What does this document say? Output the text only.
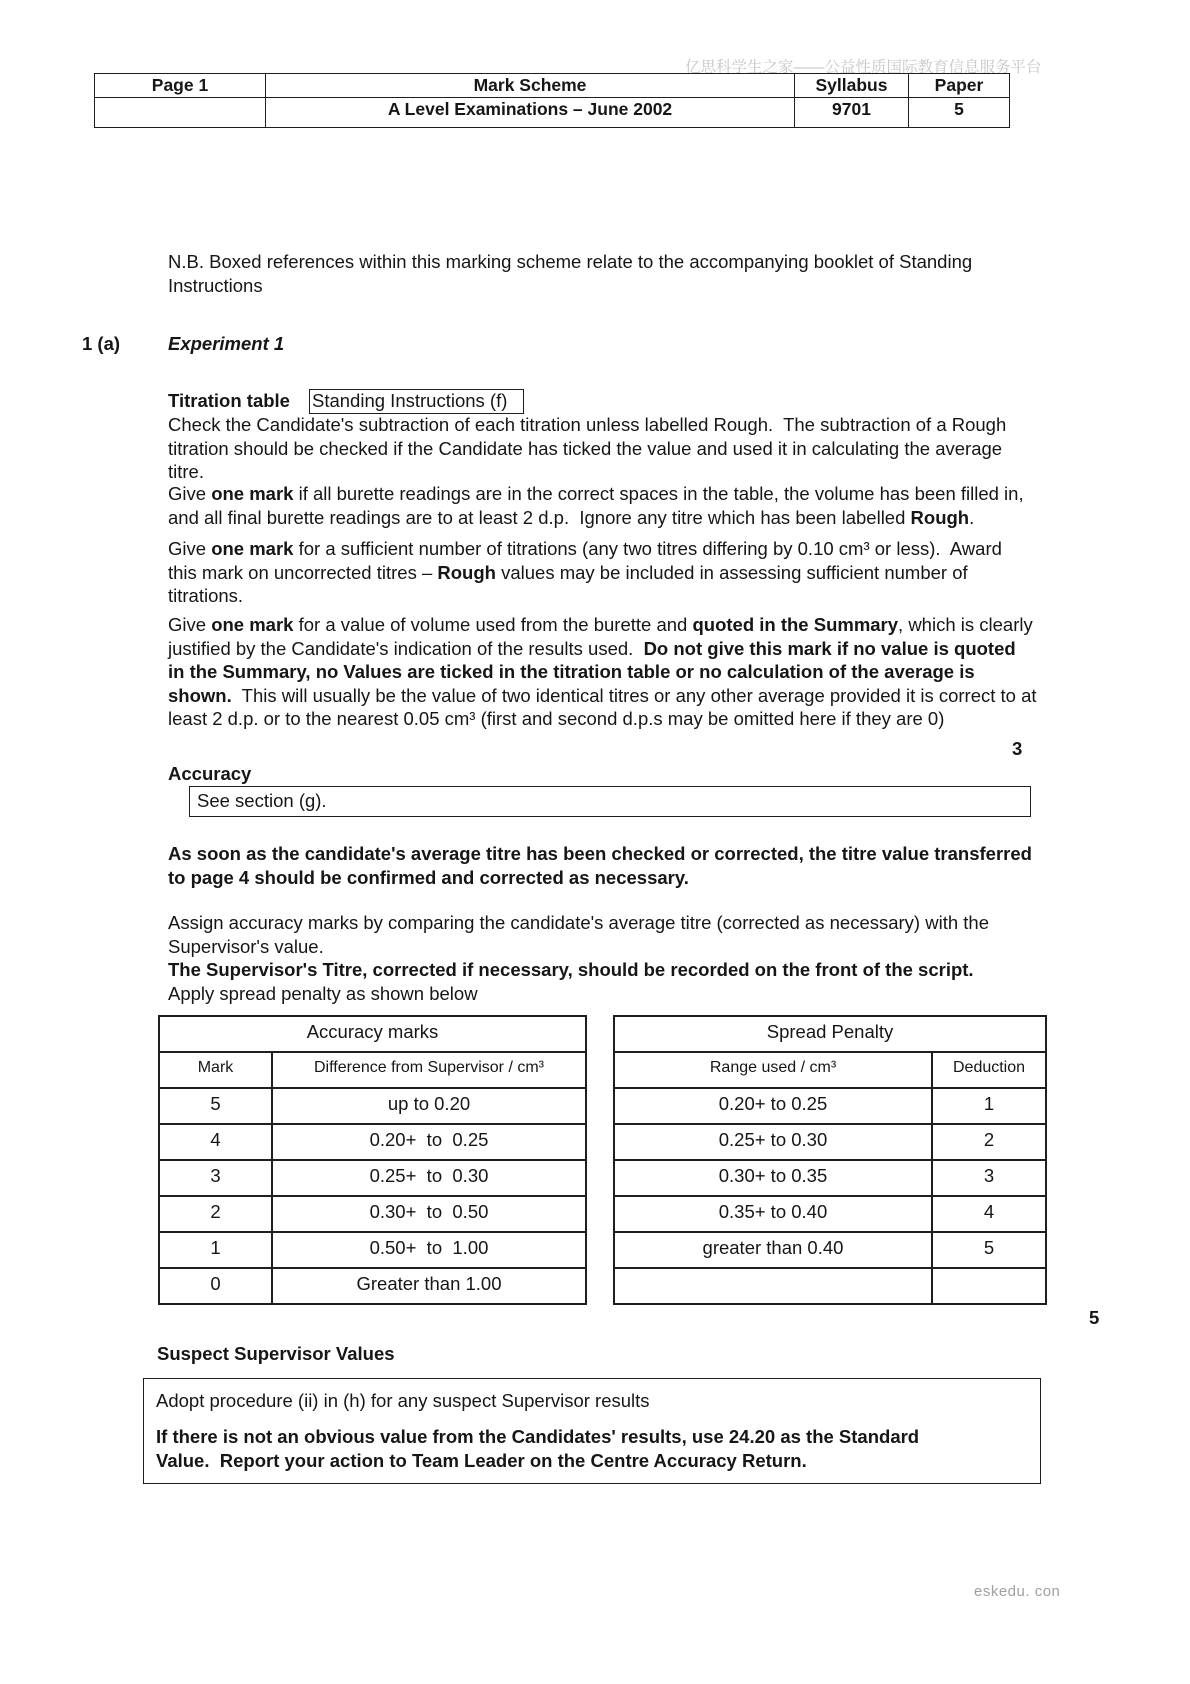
亿思科学生之家——公益性质国际教育信息服务平台
Page 1	Mark Scheme	Syllabus	Paper
	A Level Examinations – June 2002	9701	5
N.B. Boxed references within this marking scheme relate to the accompanying booklet of Standing
Instructions
1 (a)	Experiment 1
Titration table Standing Instructions (f)
Check the Candidate's subtraction of each titration unless labelled Rough.  The subtraction of a Rough
titration should be checked if the Candidate has ticked the value and used it in calculating the average
titre.
Give one mark if all burette readings are in the correct spaces in the table, the volume has been filled in,
and all final burette readings are to at least 2 d.p.  Ignore any titre which has been labelled Rough .
Give one mark for a sufficient number of titrations (any two titres differing by 0.10 cm³ or less).  Award
this mark on uncorrected titres – Rough values may be included in assessing sufficient number of
titrations.
Give one mark for a value of volume used from the burette and quoted in the Summary , which is clearly
justified by the Candidate's indication of the results used. Do not give this mark if no value is quoted
in the Summary, no Values are ticked in the titration table or no calculation of the average is
shown. This will usually be the value of two identical titres or any other average provided it is correct to at
least 2 d.p. or to the nearest 0.05 cm³ (first and second d.p.s may be omitted here if they are 0)
3
Accuracy
See section (g).
As soon as the candidate's average titre has been checked or corrected, the titre value transferred
to page 4 should be confirmed and corrected as necessary.
Assign accuracy marks by comparing the candidate's average titre (corrected as necessary) with the
Supervisor's value.
The Supervisor's Titre, corrected if necessary, should be recorded on the front of the script.
Apply spread penalty as shown below
Accuracy marks	
Mark	Difference from Supervisor / cm³
5	up to 0.20
4	0.20+  to  0.25
3	0.25+  to  0.30
2	0.30+  to  0.50
1	0.50+  to  1.00
0	Greater than 1.00
Spread Penalty	
Range used / cm³	Deduction
0.20+ to 0.25	1
0.25+ to 0.30	2
0.30+ to 0.35	3
0.35+ to 0.40	4
greater than 0.40	5

5
Suspect Supervisor Values
Adopt procedure (ii) in (h) for any suspect Supervisor results
If there is not an obvious value from the Candidates' results, use 24.20 as the Standard
Value.  Report your action to Team Leader on the Centre Accuracy Return.
eskedu. con
